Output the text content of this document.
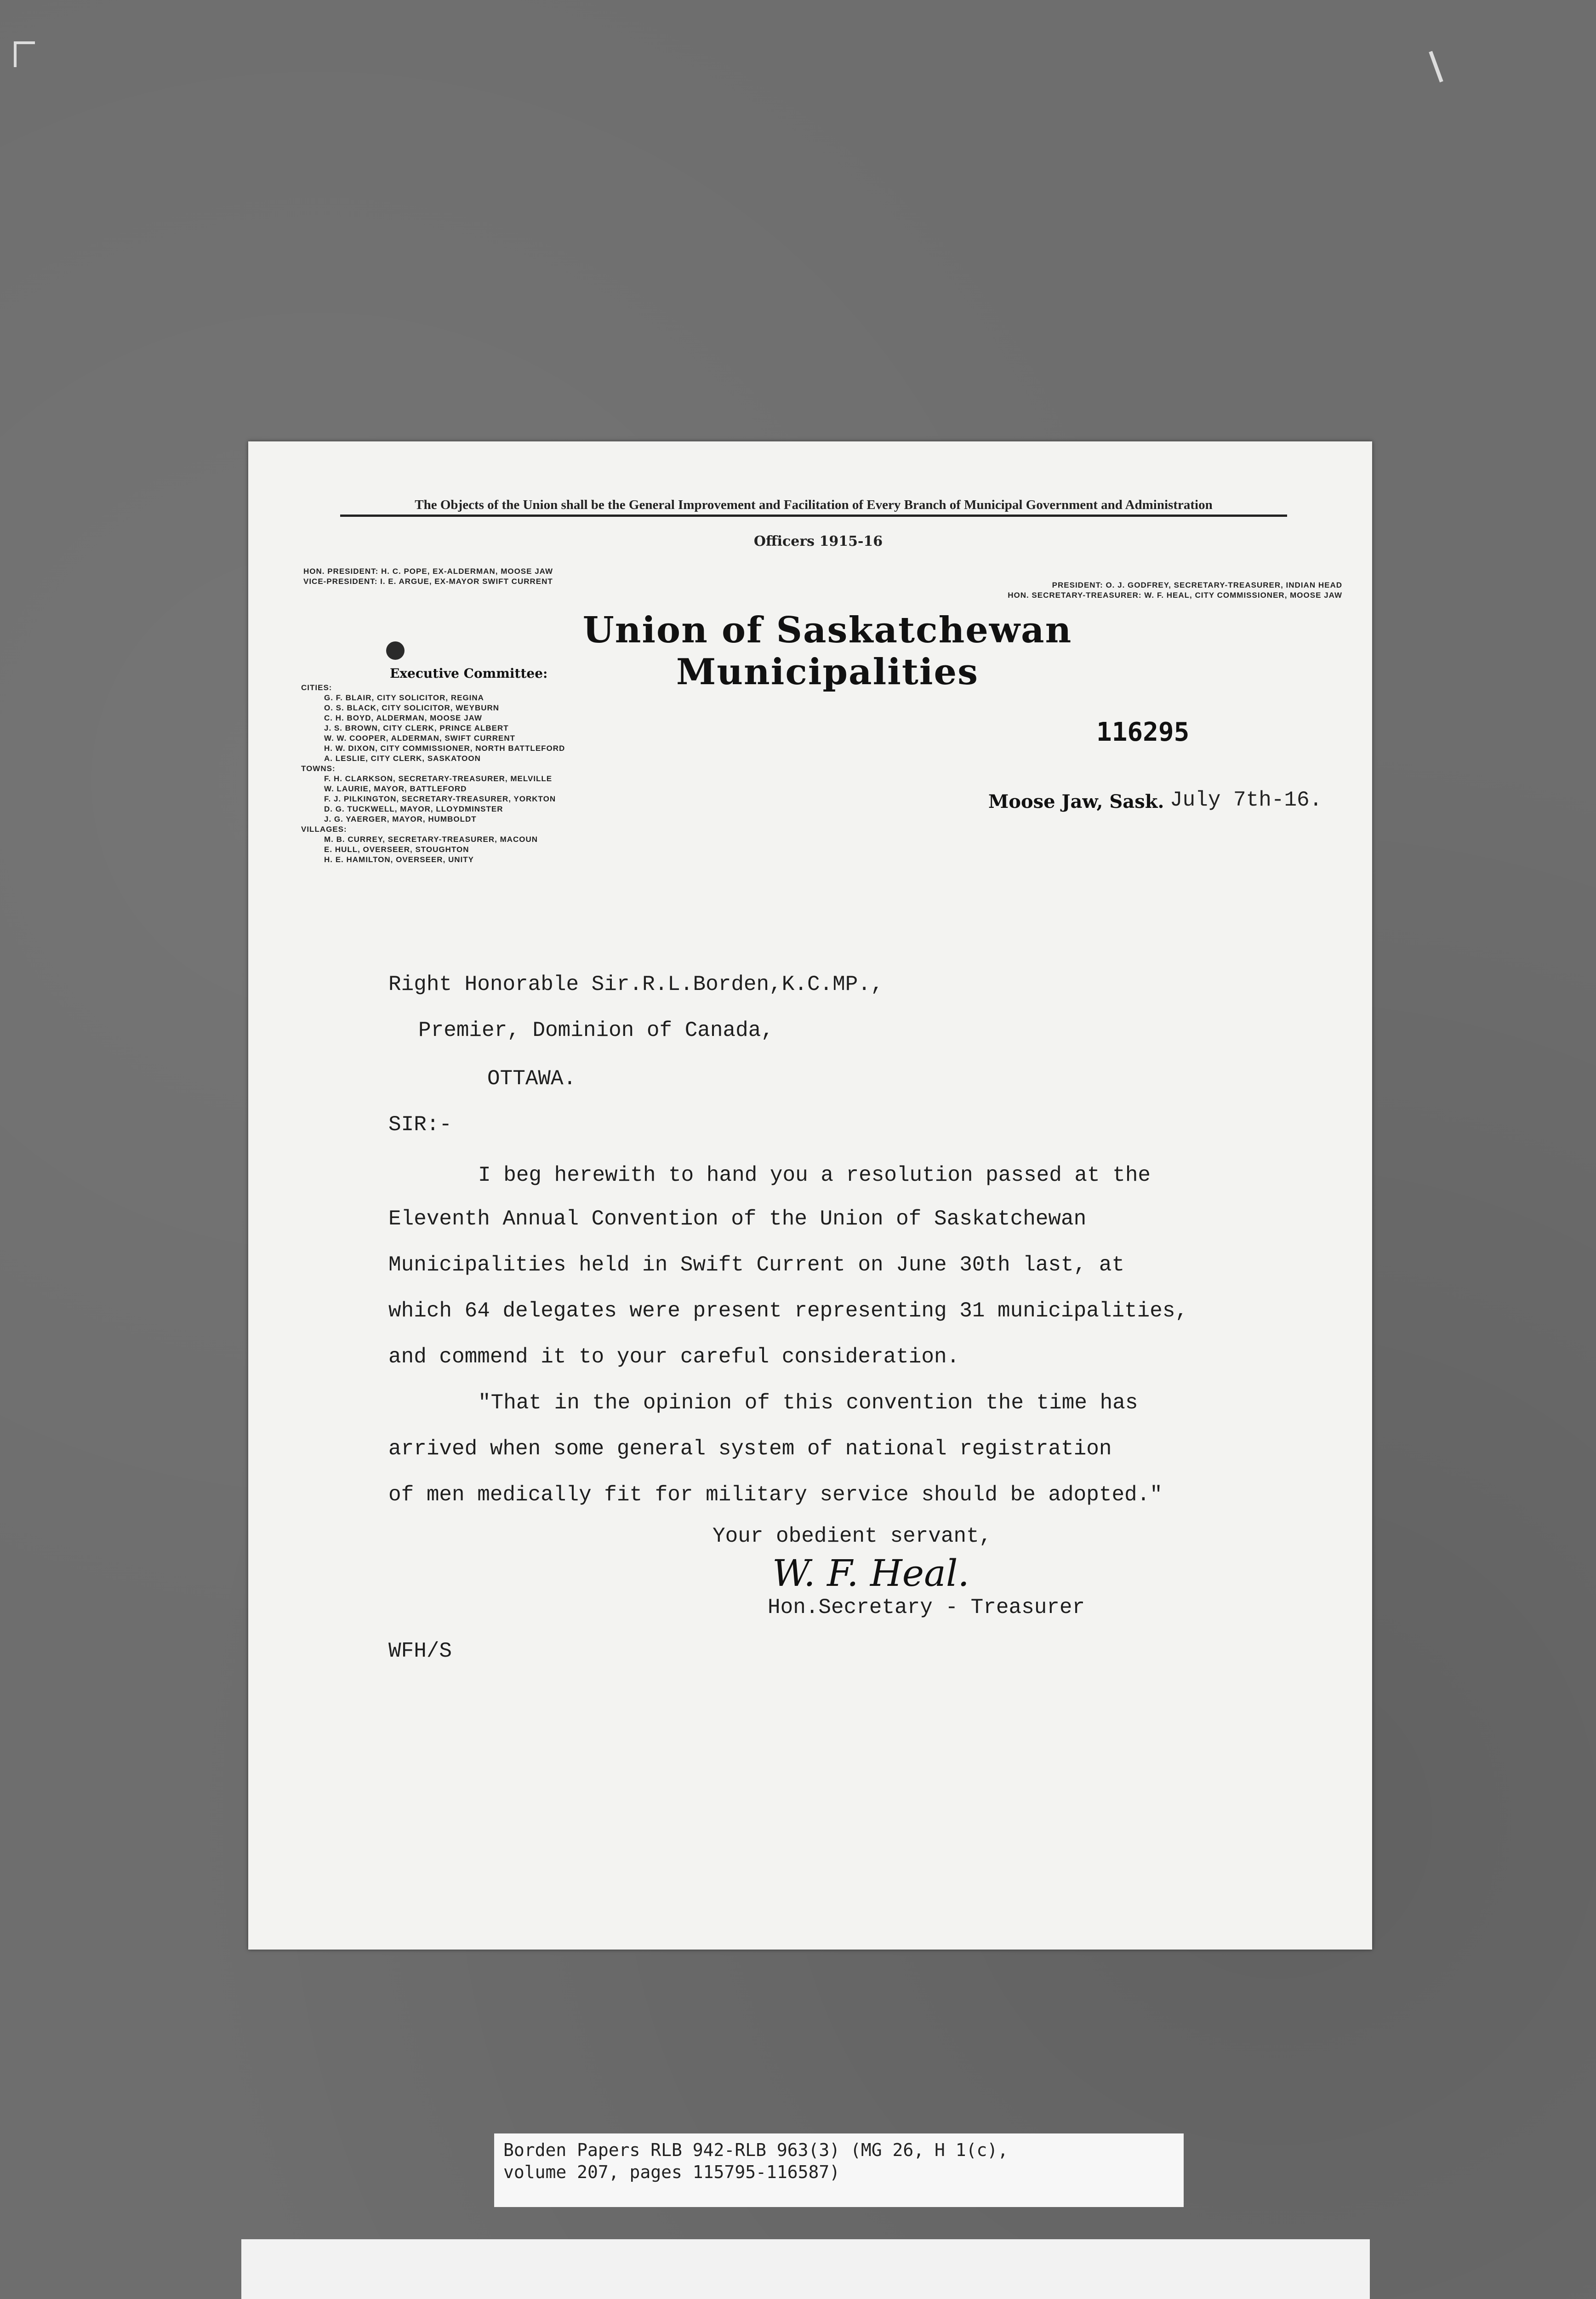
The Objects of the Union shall be the General Improvement and Facilitation of Every Branch of Municipal Government and Administration
Officers 1915-16
HON. PRESIDENT: H. C. POPE, EX-ALDERMAN, MOOSE JAW
VICE-PRESIDENT: I. E. ARGUE, EX-MAYOR SWIFT CURRENT	PRESIDENT: O. J. GODFREY, SECRETARY-TREASURER, INDIAN HEAD
HON. SECRETARY-TREASURER: W. F. HEAL, CITY COMMISSIONER, MOOSE JAW
Union of Saskatchewan Municipalities
Executive Committee:
CITIES:
G. F. BLAIR, CITY SOLICITOR, REGINA
O. S. BLACK, CITY SOLICITOR, WEYBURN
C. H. BOYD, ALDERMAN, MOOSE JAW
J. S. BROWN, CITY CLERK, PRINCE ALBERT
W. W. COOPER, ALDERMAN, SWIFT CURRENT
H. W. DIXON, CITY COMMISSIONER, NORTH BATTLEFORD
A. LESLIE, CITY CLERK, SASKATOON
TOWNS:
F. H. CLARKSON, SECRETARY-TREASURER, MELVILLE
W. LAURIE, MAYOR, BATTLEFORD
F. J. PILKINGTON, SECRETARY-TREASURER, YORKTON
D. G. TUCKWELL, MAYOR, LLOYDMINSTER
J. G. YAERGER, MAYOR, HUMBOLDT
VILLAGES:
M. B. CURREY, SECRETARY-TREASURER, MACOUN
E. HULL, OVERSEER, STOUGHTON
H. E. HAMILTON, OVERSEER, UNITY
116295
Moose Jaw, Sask. July 7th-16.
Right Honorable Sir.R.L.Borden,K.C.MP.,
Premier, Dominion of Canada,
OTTAWA.
SIR:-
I beg herewith to hand you a resolution passed at the
Eleventh Annual Convention of the Union of Saskatchewan
Municipalities held in Swift Current on June 30th last, at
which 64 delegates were present representing 31 municipalities,
and commend it to your careful consideration.
"That in the opinion of this convention the time has
arrived when some general system of national registration
of men medically fit for military service should be adopted."
Your obedient servant,
W. F. Heal.
Hon.Secretary - Treasurer
WFH/S
Borden Papers RLB 942-RLB 963(3) (MG 26, H 1(c),
volume 207, pages 115795-116587)
